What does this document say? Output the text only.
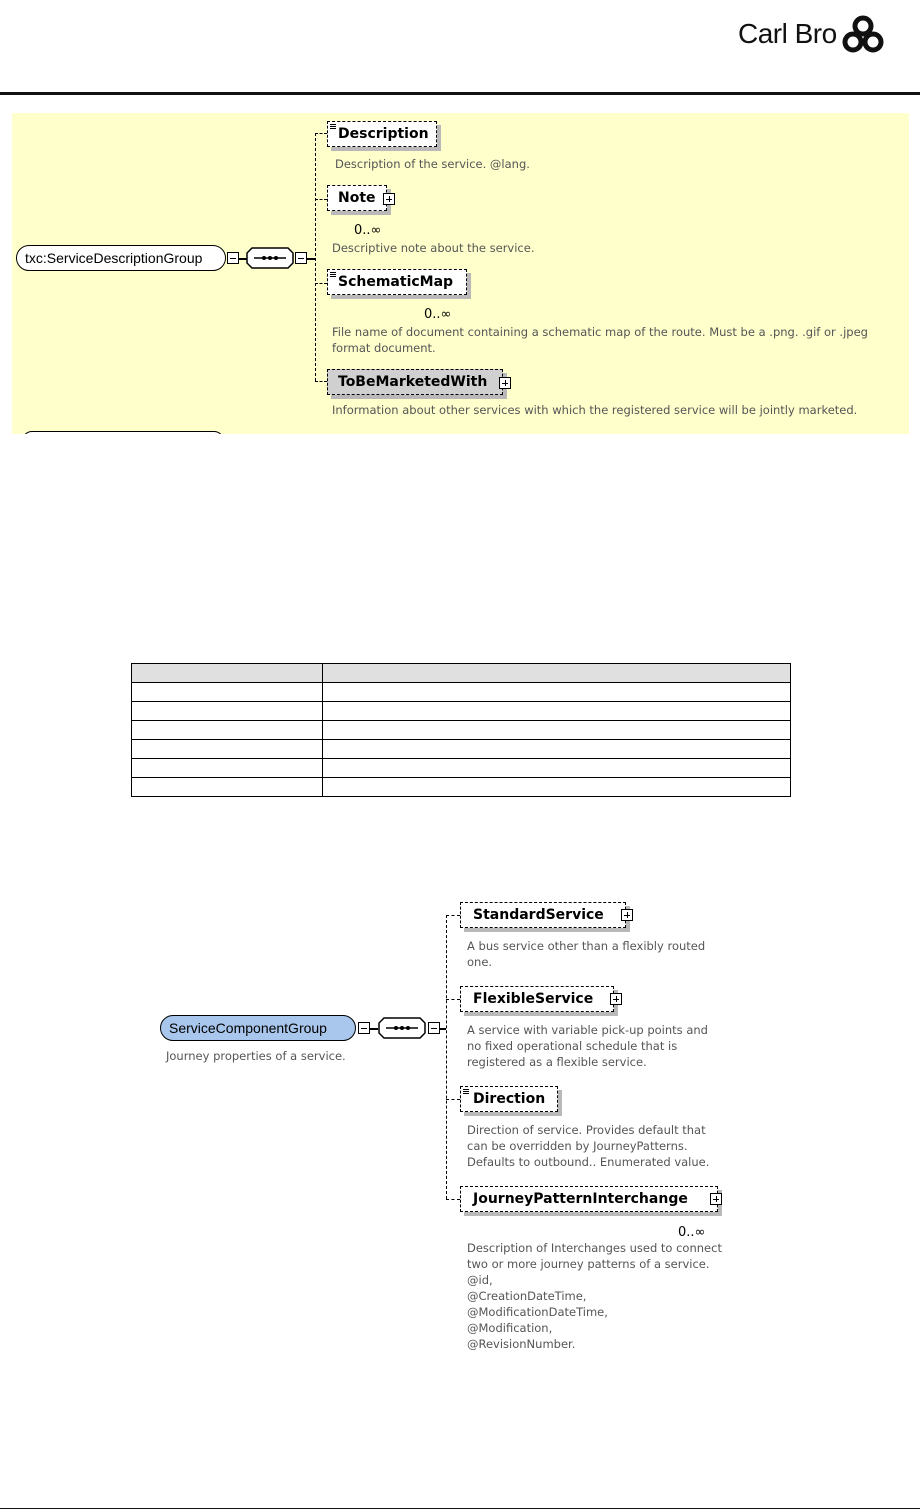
Carl Bro
txc:ServiceDescriptionGroup
Description
Description of the service. @lang.
Note
0..∞
Descriptive note about the service.
SchematicMap
0..∞
File name of document containing a schematic map of the route. Must be a .png. .gif or .jpeg
format document.
ToBeMarketedWith
Information about other services with which the registered service will be jointly marketed.

ServiceComponentGroup
Journey properties of a service.
StandardService
A bus service other than a flexibly routed
one.
FlexibleService
A service with variable pick-up points and
no fixed operational schedule that is
registered as a flexible service.
Direction
Direction of service. Provides default that
can be overridden by JourneyPatterns.
Defaults to outbound.. Enumerated value.
JourneyPatternInterchange
0..∞
Description of Interchanges used to connect
two or more journey patterns of a service.
@id,
@CreationDateTime,
@ModificationDateTime,
@Modification,
@RevisionNumber.
